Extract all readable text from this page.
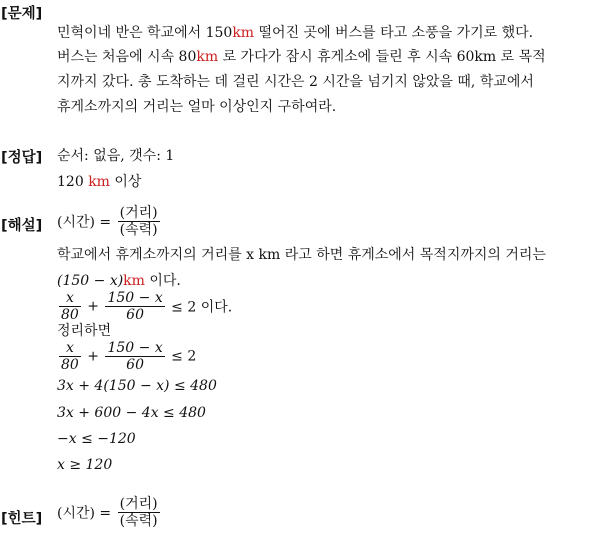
[문제]
민혁이네 반은 학교에서 150km 떨어진 곳에 버스를 타고 소풍을 가기로 했다.
버스는 처음에 시속 80km 로 가다가 잠시 휴게소에 들린 후 시속 60km 로 목적
지까지 갔다. 총 도착하는 데 걸린 시간은 2 시간을 넘기지 않았을 때, 학교에서
휴게소까지의 거리는 얼마 이상인지 구하여라.
[정답] 순서: 없음, 갯수: 1
120 km 이상
[해설] (시간) = $\frac{\text{(거리)}}{\text{(속력)}}$
학교에서 휴게소까지의 거리를 x km 라고 하면 휴게소에서 목적지까지의 거리는
(150 − x)km 이다.
$\frac{x}{80} + \frac{150 - x}{60} \le 2$ 이다.
정리하면
$\frac{x}{80} + \frac{150 - x}{60} \le 2$
3x + 4(150 − x) ≤ 480
3x + 600 − 4x ≤ 480
−x ≤ −120
x ≥ 120
[힌트] (시간) = $\frac{\text{(거리)}}{\text{(속력)}}$
